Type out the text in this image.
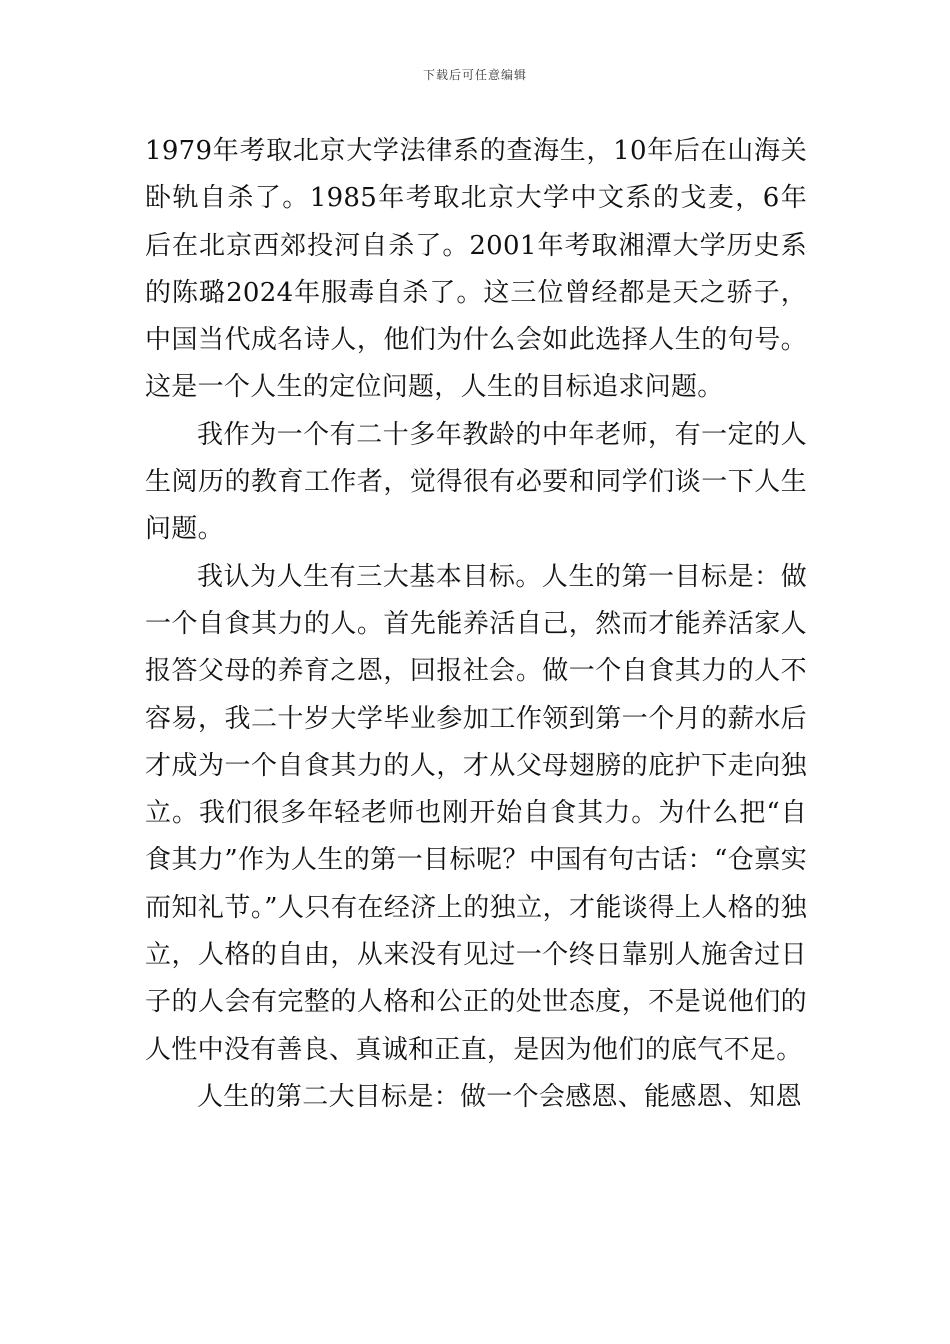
下载后可任意编辑

1979年考取北京大学法律系的查海生，10年后在山海关卧轨自杀了。1985年考取北京大学中文系的戈麦，6年后在北京西郊投河自杀了。2001年考取湘潭大学历史系的陈璐2024年服毒自杀了。这三位曾经都是天之骄子，中国当代成名诗人，他们为什么会如此选择人生的句号。这是一个人生的定位问题，人生的目标追求问题。

我作为一个有二十多年教龄的中年老师，有一定的人生阅历的教育工作者，觉得很有必要和同学们谈一下人生问题。

我认为人生有三大基本目标。人生的第一目标是：做一个自食其力的人。首先能养活自己，然而才能养活家人报答父母的养育之恩，回报社会。做一个自食其力的人不容易，我二十岁大学毕业参加工作领到第一个月的薪水后才成为一个自食其力的人，才从父母翅膀的庇护下走向独立。我们很多年轻老师也刚开始自食其力。为什么把“自食其力”作为人生的第一目标呢？中国有句古话：“仓禀实而知礼节。”人只有在经济上的独立，才能谈得上人格的独立，人格的自由，从来没有见过一个终日靠别人施舍过日子的人会有完整的人格和公正的处世态度，不是说他们的人性中没有善良、真诚和正直，是因为他们的底气不足。

人生的第二大目标是：做一个会感恩、能感恩、知恩
